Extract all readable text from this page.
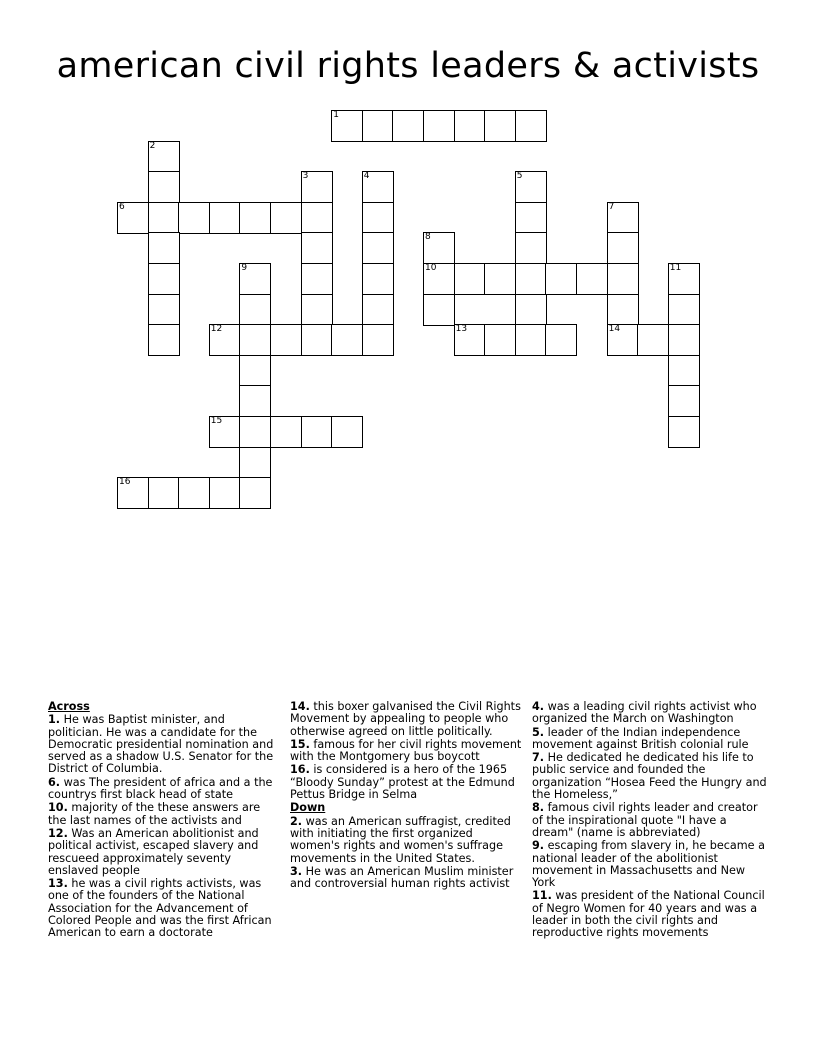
american civil rights leaders & activists
1
2
3	4	5
6	7
8
9	10	11
12	13	14
15
16
Across
1. He was Baptist minister, and politician. He was a candidate for the Democratic presidential nomination and served as a shadow U.S. Senator for the District of Columbia.
6. was The president of africa and a the countrys first black head of state
10. majority of the these answers are the last names of the activists and
12. Was an American abolitionist and political activist, escaped slavery and rescueed approximately seventy enslaved people
13. he was a civil rights activists, was one of the founders of the National Association for the Advancement of Colored People and was the first African American to earn a doctorate
14. this boxer galvanised the Civil Rights Movement by appealing to people who otherwise agreed on little politically.
15. famous for her civil rights movement with the Montgomery bus boycott
16. is considered is a hero of the 1965 “Bloody Sunday” protest at the Edmund Pettus Bridge in Selma
Down
2. was an American suffragist, credited with initiating the first organized women's rights and women's suffrage movements in the United States.
3. He was an American Muslim minister and controversial human rights activist
4. was a leading civil rights activist who organized the March on Washington
5. leader of the Indian independence movement against British colonial rule
7. He dedicated he dedicated his life to public service and founded the organization “Hosea Feed the Hungry and the Homeless,”
8. famous civil rights leader and creator of the inspirational quote "I have a dream" (name is abbreviated)
9. escaping from slavery in, he became a national leader of the abolitionist movement in Massachusetts and New York
11. was president of the National Council of Negro Women for 40 years and was a leader in both the civil rights and reproductive rights movements
